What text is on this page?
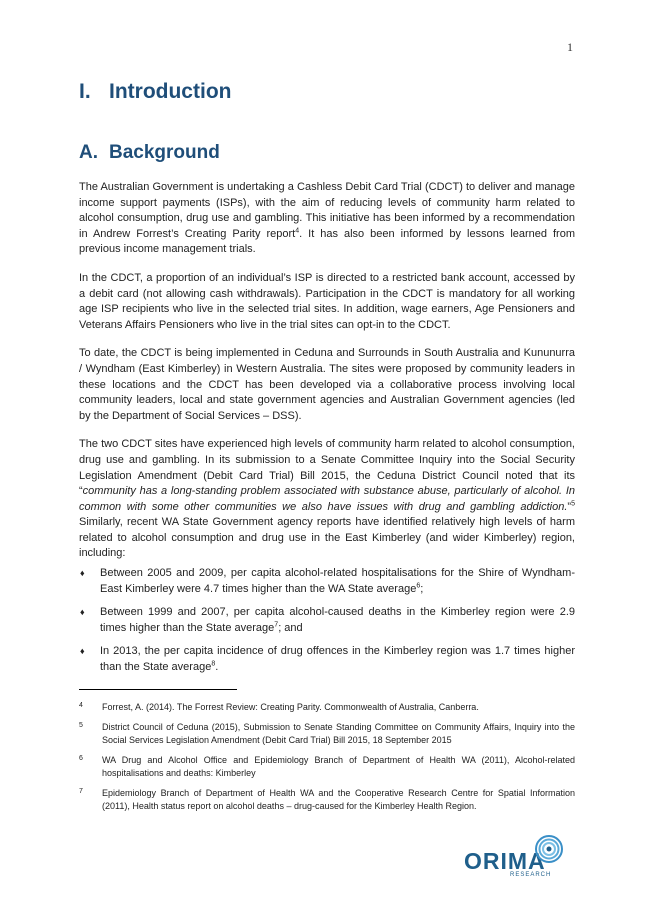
1
I. Introduction
A. Background

The Australian Government is undertaking a Cashless Debit Card Trial (CDCT) to deliver and manage income support payments (ISPs), with the aim of reducing levels of community harm related to alcohol consumption, drug use and gambling. This initiative has been informed by a recommendation in Andrew Forrest’s Creating Parity report$^4$. It has also been informed by lessons learned from previous income management trials.

In the CDCT, a proportion of an individual’s ISP is directed to a restricted bank account, accessed by a debit card (not allowing cash withdrawals). Participation in the CDCT is mandatory for all working age ISP recipients who live in the selected trial sites. In addition, wage earners, Age Pensioners and Veterans Affairs Pensioners who live in the trial sites can opt-in to the CDCT.

To date, the CDCT is being implemented in Ceduna and Surrounds in South Australia and Kununurra / Wyndham (East Kimberley) in Western Australia. The sites were proposed by community leaders in these locations and the CDCT has been developed via a collaborative process involving local community leaders, local and state government agencies and Australian Government agencies (led by the Department of Social Services – DSS).

The two CDCT sites have experienced high levels of community harm related to alcohol consumption, drug use and gambling. In its submission to a Senate Committee Inquiry into the Social Security Legislation Amendment (Debit Card Trial) Bill 2015, the Ceduna District Council noted that its “community has a long-standing problem associated with substance abuse, particularly of alcohol. In common with some other communities we also have issues with drug and gambling addiction.”$^5$ Similarly, recent WA State Government agency reports have identified relatively high levels of harm related to alcohol consumption and drug use in the East Kimberley (and wider Kimberley) region, including:

♦ Between 2005 and 2009, per capita alcohol-related hospitalisations for the Shire of Wyndham-East Kimberley were 4.7 times higher than the WA State average$^6$;
♦ Between 1999 and 2007, per capita alcohol-caused deaths in the Kimberley region were 2.9 times higher than the State average$^7$; and
♦ In 2013, the per capita incidence of drug offences in the Kimberley region was 1.7 times higher than the State average$^8$.
4 Forrest, A. (2014). The Forrest Review: Creating Parity. Commonwealth of Australia, Canberra.
5 District Council of Ceduna (2015), Submission to Senate Standing Committee on Community Affairs, Inquiry into the Social Services Legislation Amendment (Debit Card Trial) Bill 2015, 18 September 2015
6 WA Drug and Alcohol Office and Epidemiology Branch of Department of Health WA (2011), Alcohol-related hospitalisations and deaths: Kimberley
7 Epidemiology Branch of Department of Health WA and the Cooperative Research Centre for Spatial Information (2011), Health status report on alcohol deaths – drug-caused for the Kimberley Health Region.
ORIMA
RESEARCH
